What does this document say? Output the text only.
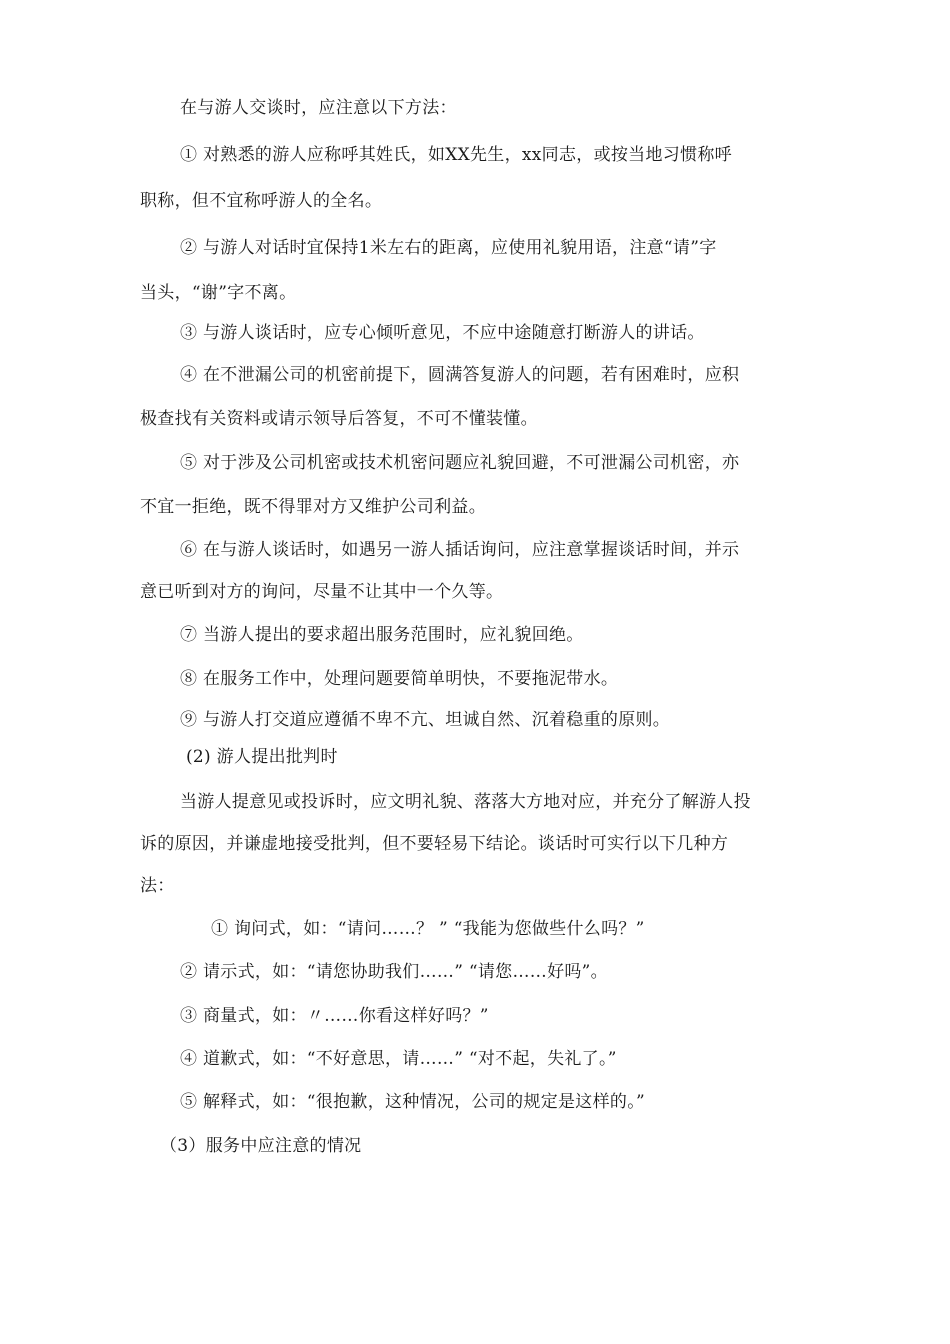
在与游人交谈时，应注意以下方法：
① 对熟悉的游人应称呼其姓氏，如XX先生，xx同志，或按当地习惯称呼
职称，但不宜称呼游人的全名。
② 与游人对话时宜保持1米左右的距离，应使用礼貌用语，注意“请”字
当头，“谢”字不离。
③ 与游人谈话时，应专心倾听意见，不应中途随意打断游人的讲话。
④ 在不泄漏公司的机密前提下，圆满答复游人的问题，若有困难时，应积
极查找有关资料或请示领导后答复，不可不懂装懂。
⑤ 对于涉及公司机密或技术机密问题应礼貌回避，不可泄漏公司机密，亦
不宜一拒绝，既不得罪对方又维护公司利益。
⑥ 在与游人谈话时，如遇另一游人插话询问，应注意掌握谈话时间，并示
意已听到对方的询问，尽量不让其中一个久等。
⑦ 当游人提出的要求超出服务范围时，应礼貌回绝。
⑧ 在服务工作中，处理问题要简单明快，不要拖泥带水。
⑨ 与游人打交道应遵循不卑不亢、坦诚自然、沉着稳重的原则。
(2) 游人提出批判时
当游人提意见或投诉时，应文明礼貌、落落大方地对应，并充分了解游人投
诉的原因，并谦虚地接受批判，但不要轻易下结论。谈话时可实行以下几种方
法：
① 询问式，如：“请问……？ ” “我能为您做些什么吗？”
② 请示式，如：“请您协助我们……” “请您……好吗”。
③ 商量式，如：〃……你看这样好吗？”
④ 道歉式，如：“不好意思，请……” “对不起，失礼了。”
⑤ 解释式，如：“很抱歉，这种情况，公司的规定是这样的。”
（3）服务中应注意的情况
